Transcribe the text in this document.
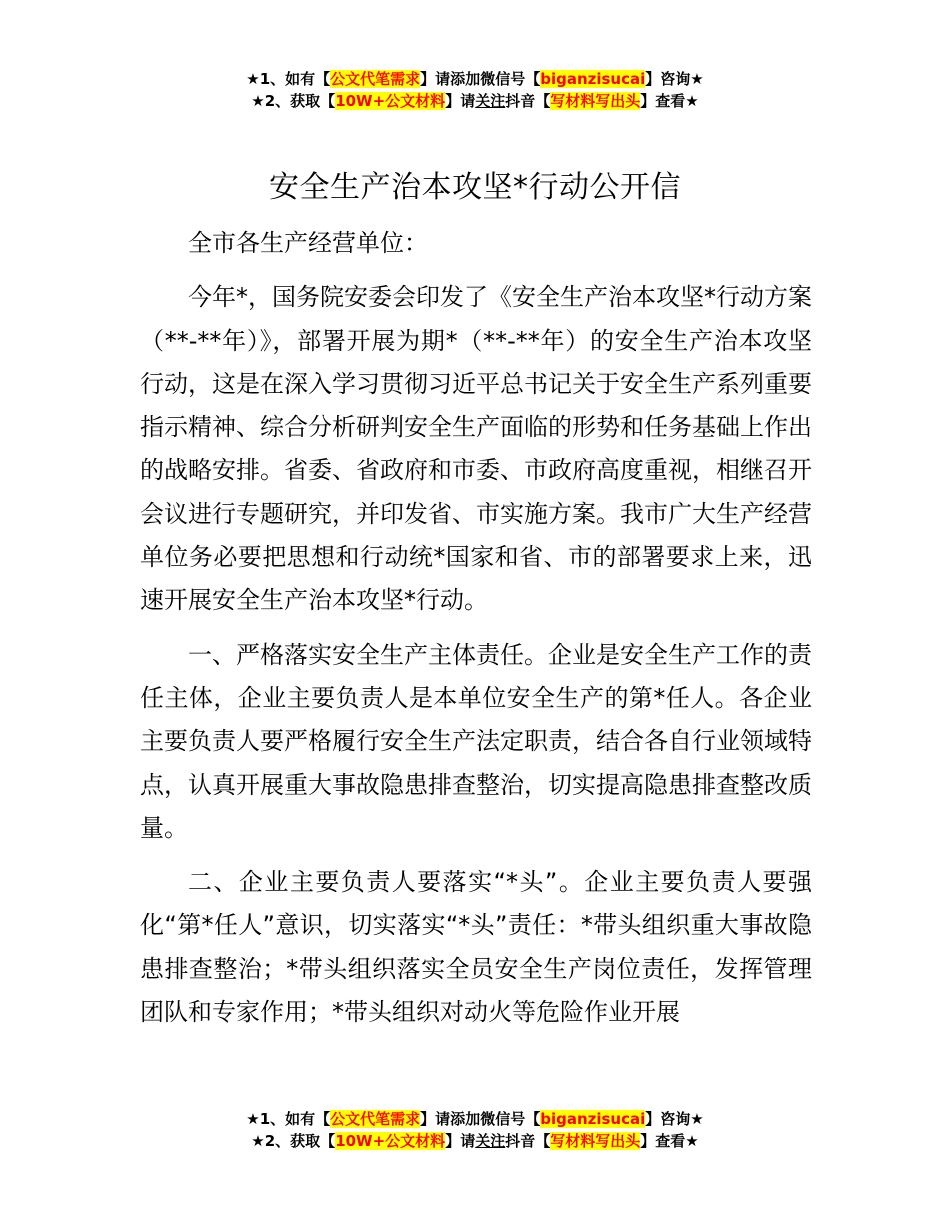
★1、如有【公文代笔需求】请添加微信号【biganzisucai】咨询★
★2、获取【10W+公文材料】请关注抖音【写材料写出头】查看★
安全生产治本攻坚*行动公开信

全市各生产经营单位：

今年*，国务院安委会印发了《安全生产治本攻坚*行动方案（**-**年）》，部署开展为期*（**-**年）的安全生产治本攻坚行动，这是在深入学习贯彻习近平总书记关于安全生产系列重要指示精神、综合分析研判安全生产面临的形势和任务基础上作出的战略安排。省委、省政府和市委、市政府高度重视，相继召开会议进行专题研究，并印发省、市实施方案。我市广大生产经营单位务必要把思想和行动统*国家和省、市的部署要求上来，迅速开展安全生产治本攻坚*行动。

一、严格落实安全生产主体责任。企业是安全生产工作的责任主体，企业主要负责人是本单位安全生产的第*任人。各企业主要负责人要严格履行安全生产法定职责，结合各自行业领域特点，认真开展重大事故隐患排查整治，切实提高隐患排查整改质量。

二、企业主要负责人要落实“*头”。企业主要负责人要强化“第*任人”意识，切实落实“*头”责任：*带头组织重大事故隐患排查整治；*带头组织落实全员安全生产岗位责任，发挥管理团队和专家作用；*带头组织对动火等危险作业开展

★1、如有【公文代笔需求】请添加微信号【biganzisucai】咨询★
★2、获取【10W+公文材料】请关注抖音【写材料写出头】查看★
